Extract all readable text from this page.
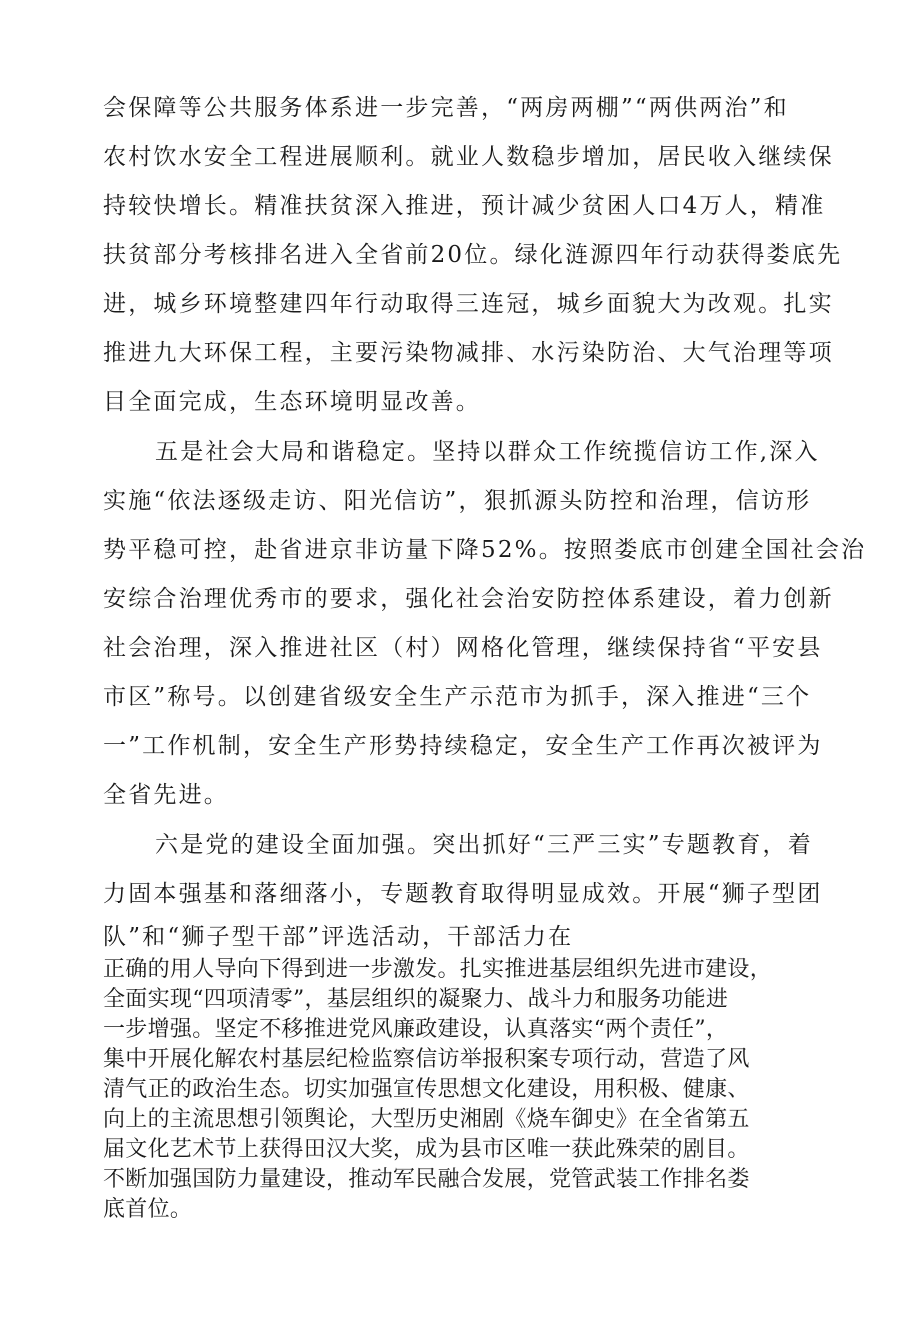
会保障等公共服务体系进一步完善，“两房两棚”“两供两治”和
农村饮水安全工程进展顺利。就业人数稳步增加，居民收入继续保
持较快增长。精准扶贫深入推进，预计减少贫困人口4万人，精准
扶贫部分考核排名进入全省前20位。绿化涟源四年行动获得娄底先
进，城乡环境整建四年行动取得三连冠，城乡面貌大为改观。扎实
推进九大环保工程，主要污染物减排、水污染防治、大气治理等项
目全面完成，生态环境明显改善。
五是社会大局和谐稳定。坚持以群众工作统揽信访工作,深入
实施“依法逐级走访、阳光信访”，狠抓源头防控和治理，信访形
势平稳可控，赴省进京非访量下降52%。按照娄底市创建全国社会治
安综合治理优秀市的要求，强化社会治安防控体系建设，着力创新
社会治理，深入推进社区（村）网格化管理，继续保持省“平安县
市区”称号。以创建省级安全生产示范市为抓手，深入推进“三个
一”工作机制，安全生产形势持续稳定，安全生产工作再次被评为
全省先进。
六是党的建设全面加强。突出抓好“三严三实”专题教育，着
力固本强基和落细落小，专题教育取得明显成效。开展“狮子型团
队”和“狮子型干部”评选活动，干部活力在
正确的用人导向下得到进一步激发。扎实推进基层组织先进市建设，
全面实现“四项清零”，基层组织的凝聚力、战斗力和服务功能进
一步增强。坚定不移推进党风廉政建设，认真落实“两个责任”，
集中开展化解农村基层纪检监察信访举报积案专项行动，营造了风
清气正的政治生态。切实加强宣传思想文化建设，用积极、健康、
向上的主流思想引领舆论，大型历史湘剧《烧车御史》在全省第五
届文化艺术节上获得田汉大奖，成为县市区唯一获此殊荣的剧目。
不断加强国防力量建设，推动军民融合发展，党管武装工作排名娄
底首位。
